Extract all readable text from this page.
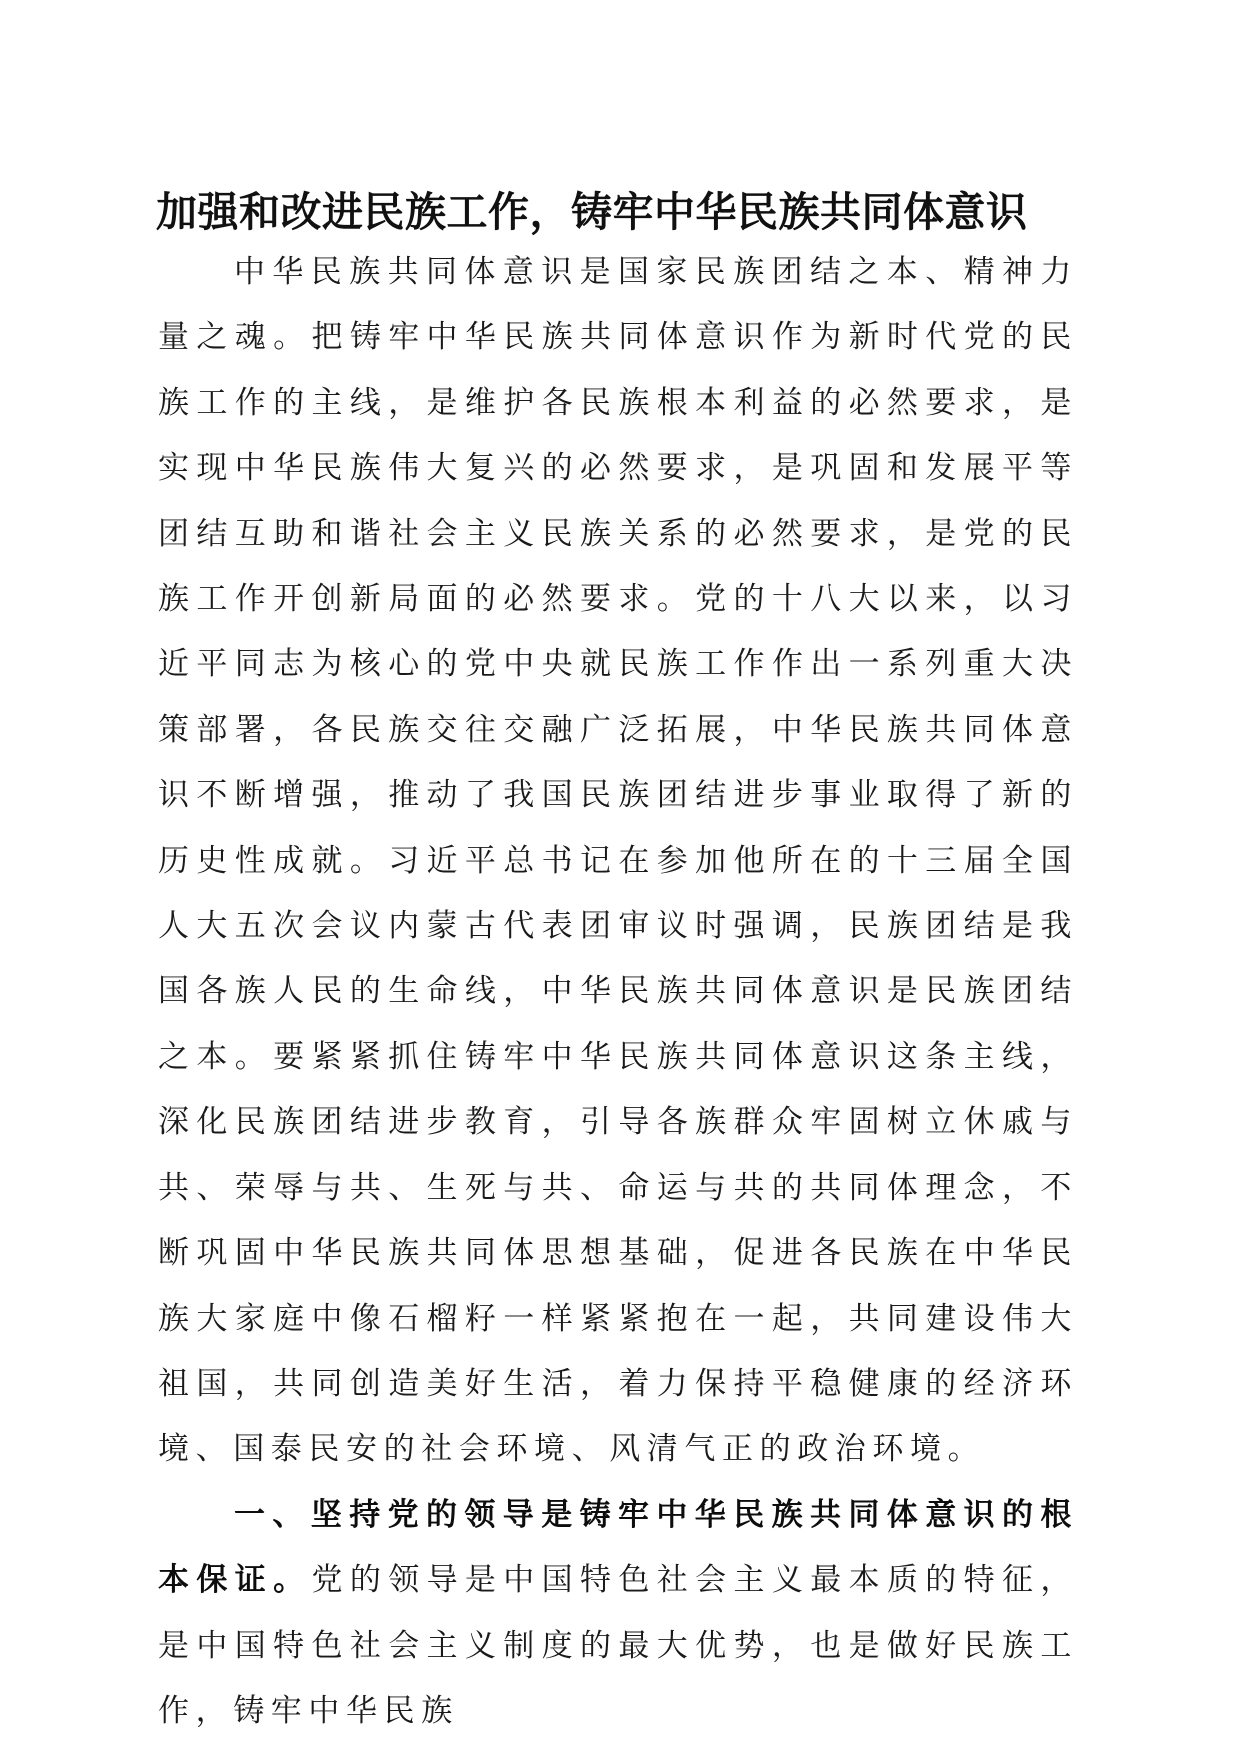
加强和改进民族工作，铸牢中华民族共同体意识

中华民族共同体意识是国家民族团结之本、精神力量之魂。把铸牢中华民族共同体意识作为新时代党的民族工作的主线，是维护各民族根本利益的必然要求，是实现中华民族伟大复兴的必然要求，是巩固和发展平等团结互助和谐社会主义民族关系的必然要求，是党的民族工作开创新局面的必然要求。党的十八大以来，以习近平同志为核心的党中央就民族工作作出一系列重大决策部署，各民族交往交融广泛拓展，中华民族共同体意识不断增强，推动了我国民族团结进步事业取得了新的历史性成就。习近平总书记在参加他所在的十三届全国人大五次会议内蒙古代表团审议时强调，民族团结是我国各族人民的生命线，中华民族共同体意识是民族团结之本。要紧紧抓住铸牢中华民族共同体意识这条主线，深化民族团结进步教育，引导各族群众牢固树立休戚与共、荣辱与共、生死与共、命运与共的共同体理念，不断巩固中华民族共同体思想基础，促进各民族在中华民族大家庭中像石榴籽一样紧紧抱在一起，共同建设伟大祖国，共同创造美好生活，着力保持平稳健康的经济环境、国泰民安的社会环境、风清气正的政治环境。

一、坚持党的领导是铸牢中华民族共同体意识的根本保证。党的领导是中国特色社会主义最本质的特征，是中国特色社会主义制度的最大优势，也是做好民族工作，铸牢中华民族
